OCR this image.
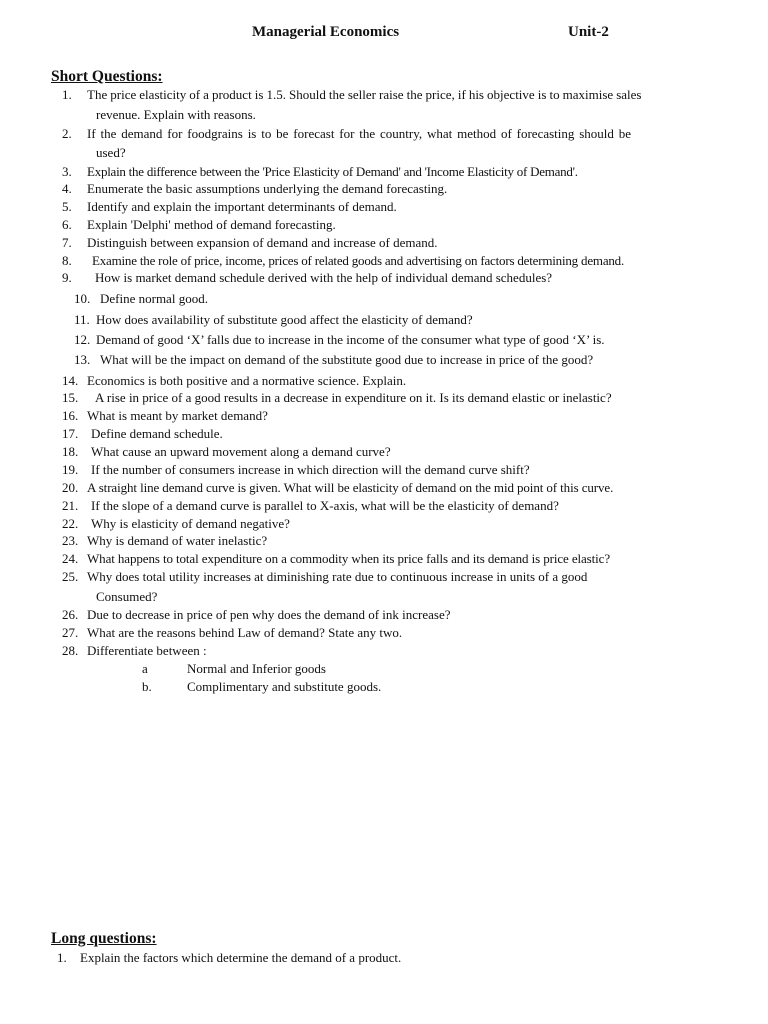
Managerial Economics	Unit-2
Short Questions:
1. The price elasticity of a product is 1.5. Should the seller raise the price, if his objective is to maximise sales
revenue. Explain with reasons.
2. If the demand for foodgrains is to be forecast for the country, what method of forecasting should be
used?
3. Explain the difference between the 'Price Elasticity of Demand' and 'Income Elasticity of Demand'.
4. Enumerate the basic assumptions underlying the demand forecasting.
5. Identify and explain the important determinants of demand.
6. Explain 'Delphi' method of demand forecasting.
7. Distinguish between expansion of demand and increase of demand.
8. Examine the role of price, income, prices of related goods and advertising on factors determining demand.
9. How is market demand schedule derived with the help of individual demand schedules?
10. Define normal good.
11. How does availability of substitute good affect the elasticity of demand?
12. Demand of good ‘X’ falls due to increase in the income of the consumer what type of good ‘X’ is.
13. What will be the impact on demand of the substitute good due to increase in price of the good?
14. Economics is both positive and a normative science. Explain.
15. A rise in price of a good results in a decrease in expenditure on it. Is its demand elastic or inelastic?
16. What is meant by market demand?
17. Define demand schedule.
18. What cause an upward movement along a demand curve?
19. If the number of consumers increase in which direction will the demand curve shift?
20. A straight line demand curve is given. What will be elasticity of demand on the mid point of this curve.
21. If the slope of a demand curve is parallel to X-axis, what will be the elasticity of demand?
22. Why is elasticity of demand negative?
23. Why is demand of water inelastic?
24. What happens to total expenditure on a commodity when its price falls and its demand is price elastic?
25. Why does total utility increases at diminishing rate due to continuous increase in units of a good
Consumed?
26. Due to decrease in price of pen why does the demand of ink increase?
27. What are the reasons behind Law of demand? State any two.
28. Differentiate between :
a	Normal and Inferior goods
b.	Complimentary and substitute goods.
Long questions:
1. Explain the factors which determine the demand of a product.
